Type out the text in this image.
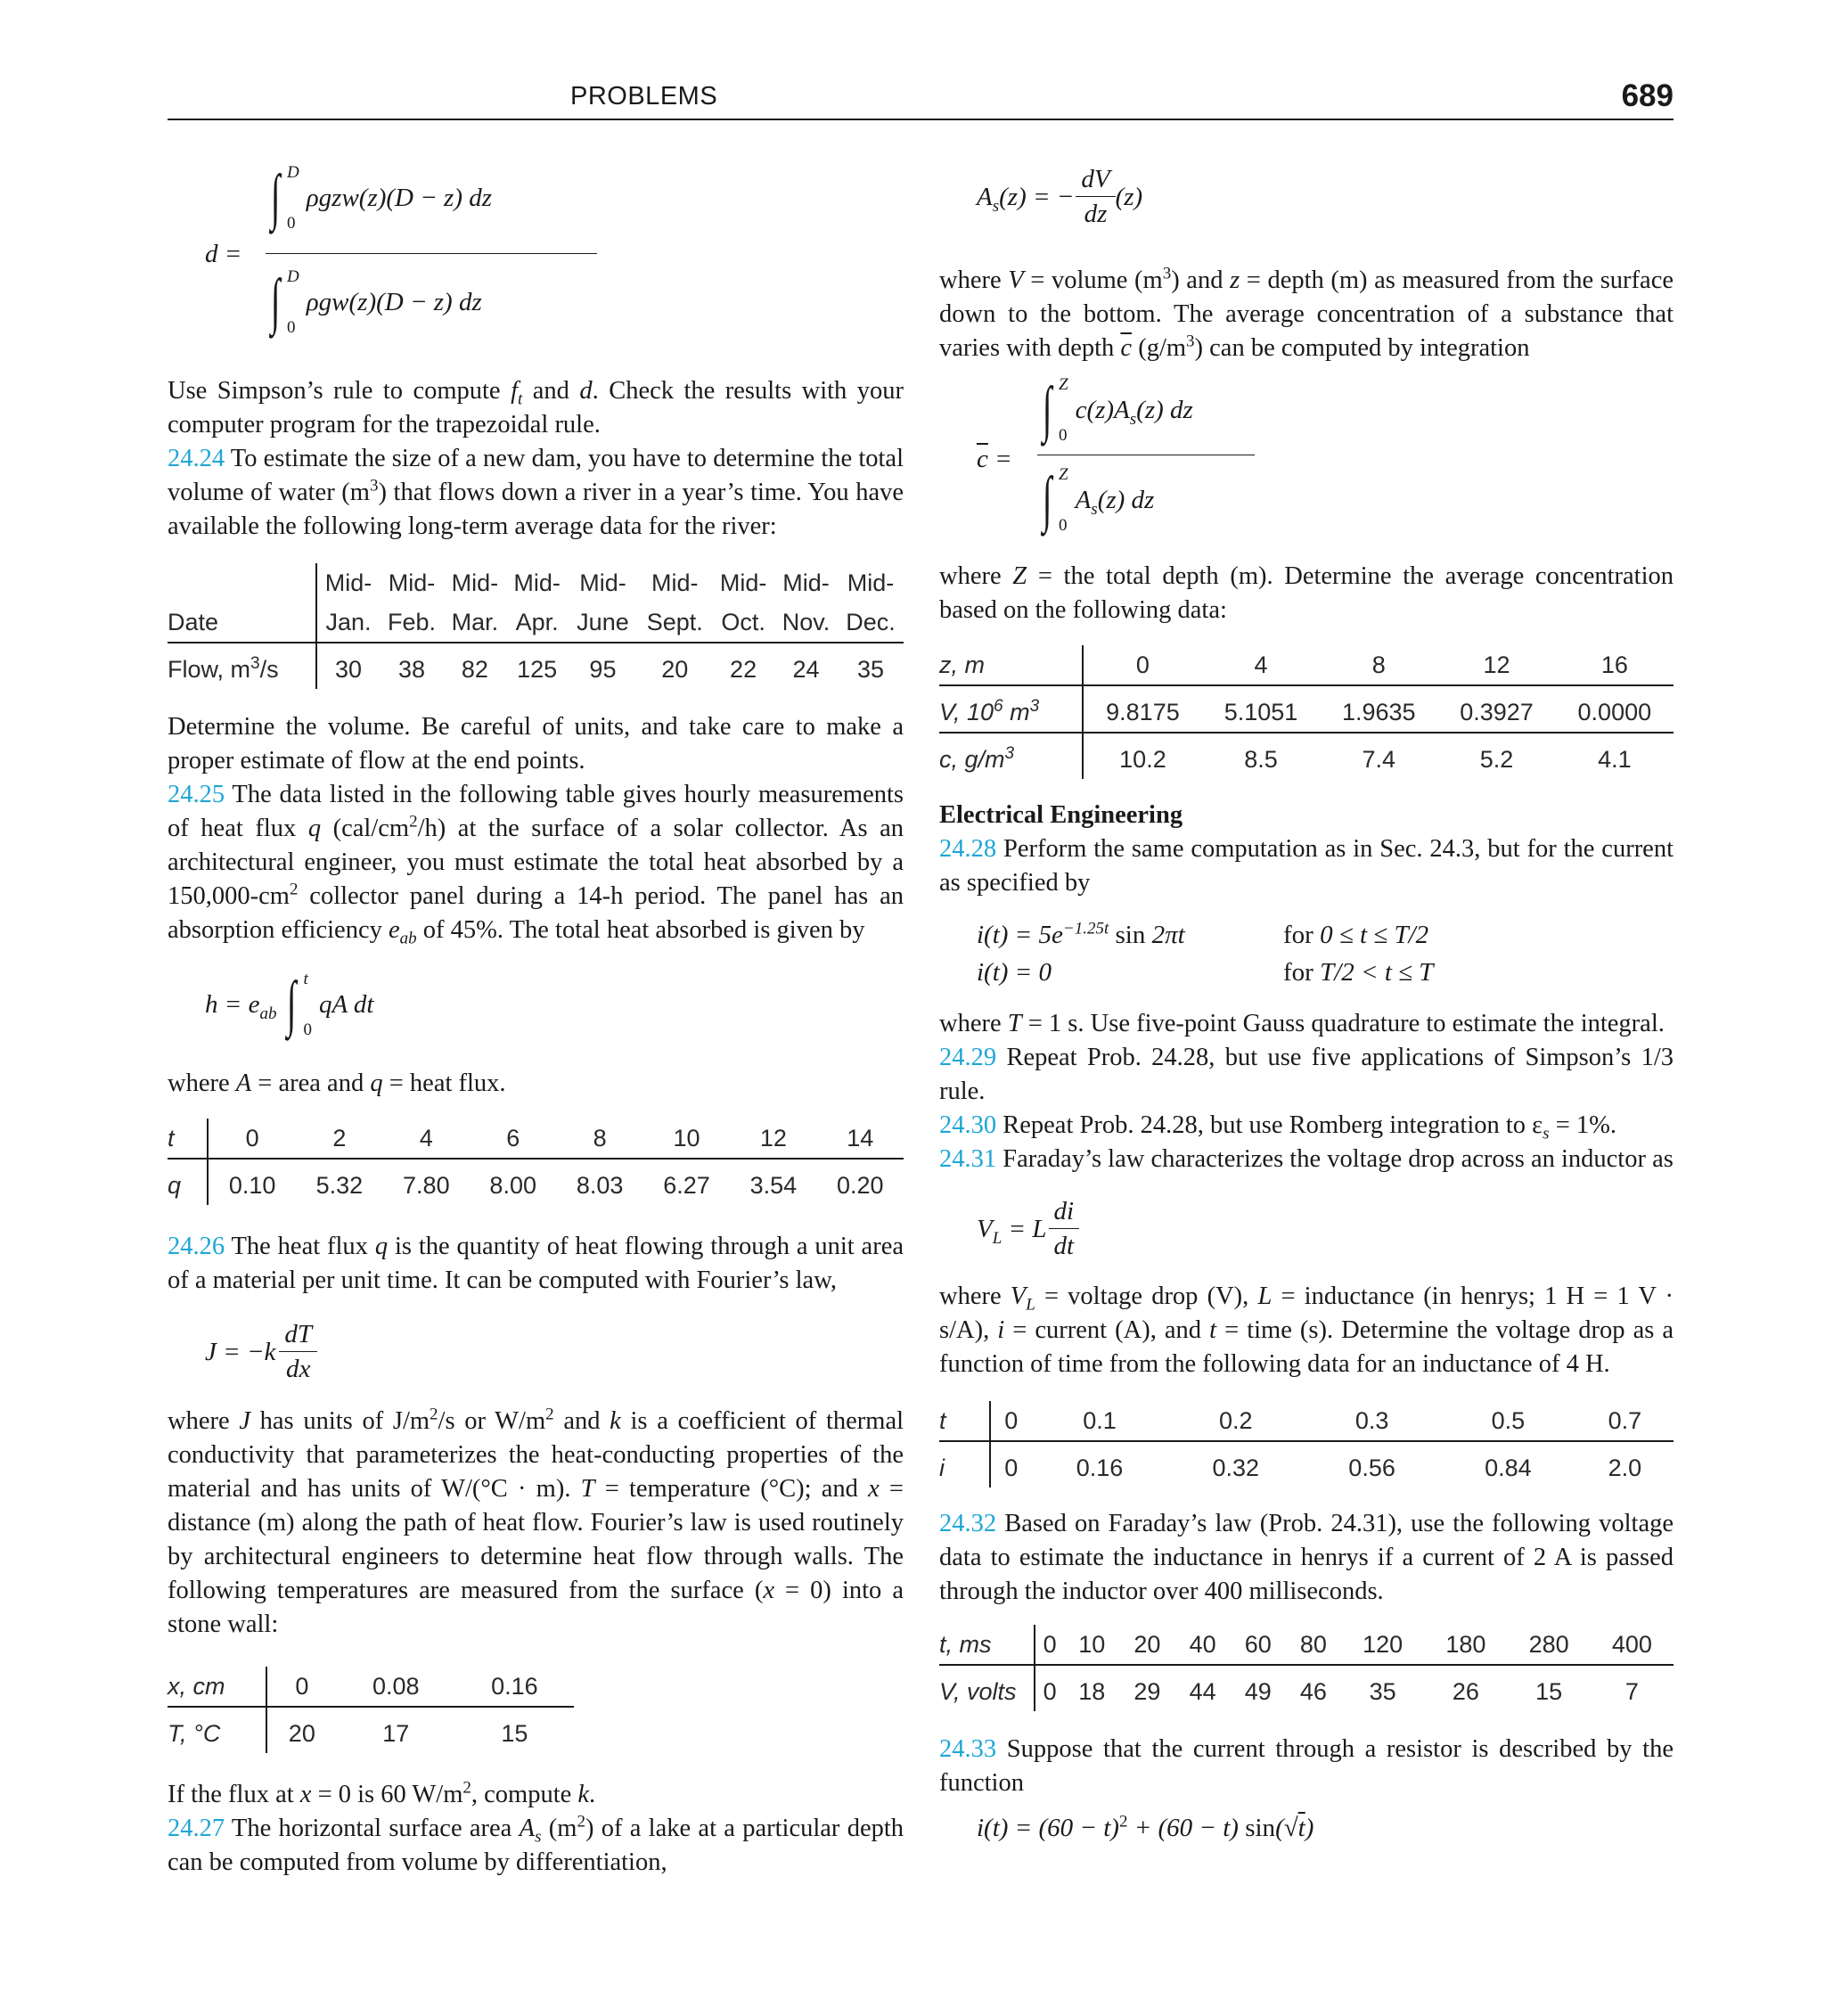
PROBLEMS	689
d =
∫ D
0
ρgzw(z)(D − z) dz
∫ D
0
ρgw(z)(D − z) dz

Use Simpson’s rule to compute $f_t$ and d. Check the results with your computer program for the trapezoidal rule.
24.24 To estimate the size of a new dam, you have to determine the total volume of water $(m^3)$ that flows down a river in a year’s time. You have available the following long-term average data for the river:

	Mid-	Mid-	Mid-	Mid-	Mid-	Mid-	Mid-	Mid-	Mid-
Date	Jan.	Feb.	Mar.	Apr.	June	Sept.	Oct.	Nov.	Dec.
Flow, $m^3/s$	30	38	82	125	95	20	22	24	35

Determine the volume. Be careful of units, and take care to make a proper estimate of flow at the end points.
24.25 The data listed in the following table gives hourly measurements of heat flux q $(cal/cm^2/h)$ at the surface of a solar collector. As an architectural engineer, you must estimate the total heat absorbed by a $150,000-cm^2$ collector panel during a 14-h period. The panel has an absorption efficiency $e_{ab}$ of 45%. The total heat absorbed is given by

$h = e_{ab}$ ∫ t
0
qA dt

where A = area and q = heat flux.

t	0	2	4	6	8	10	12	14
q	0.10	5.32	7.80	8.00	8.03	6.27	3.54	0.20

24.26 The heat flux q is the quantity of heat flowing through a unit area of a material per unit time. It can be computed with Fourier’s law,

$J = -k \frac{dT}{dx}$

where J has units of $J/m^2/s$ or $W/m^2$ and k is a coefficient of thermal conductivity that parameterizes the heat-conducting properties of the material and has units of W/(°C · m). T = temperature (°C); and x = distance (m) along the path of heat flow. Fourier’s law is used routinely by architectural engineers to determine heat flow through walls. The following temperatures are measured from the surface (x = 0) into a stone wall:

x, cm	0	0.08	0.16
T, °C	20	17	15

If the flux at x = 0 is 60 $W/m^2$, compute k.
24.27 The horizontal surface area $A_s$ $(m^2)$ of a lake at a particular depth can be computed from volume by differentiation,

$A_s(z)$ = − $\frac{dV}{dz} (z)$

where V = volume $(m^3)$ and z = depth (m) as measured from the surface down to the bottom. The average concentration of a substance that varies with depth $\overline{c}$ $(g/m^3)$ can be computed by integration

$\overline{c}$ =
∫ Z
0
$c(z)A_s(z)$ dz
∫ Z
0
$A_s(z)$ dz

where Z = the total depth (m). Determine the average concentration based on the following data:

z, m	0	4	8	12	16
V, $10^6$ $m^3$	9.8175	5.1051	1.9635	0.3927	0.0000
c, $g/m^3$	10.2	8.5	7.4	5.2	4.1

Electrical Engineering

24.28 Perform the same computation as in Sec. 24.3, but for the current as specified by

$i(t) = 5e^{-1.25t}$ sin 2πt	for 0 ≤ t ≤ T/2
i(t) = 0	for T/2 < t ≤ T

where T = 1 s. Use five-point Gauss quadrature to estimate the integral.
24.29 Repeat Prob. 24.28, but use five applications of Simpson’s 1/3 rule.
24.30 Repeat Prob. 24.28, but use Romberg integration to $\varepsilon_s = 1\%$.
24.31 Faraday’s law characterizes the voltage drop across an inductor as

$V_L = L \frac{di}{dt}$

where $V_L$ = voltage drop (V), L = inductance (in henrys; 1 H = 1 V · s/A), i = current (A), and t = time (s). Determine the voltage drop as a function of time from the following data for an inductance of 4 H.

t	0	0.1	0.2	0.3	0.5	0.7
i	0	0.16	0.32	0.56	0.84	2.0

24.32 Based on Faraday’s law (Prob. 24.31), use the following voltage data to estimate the inductance in henrys if a current of 2 A is passed through the inductor over 400 milliseconds.

t, ms	0	10	20	40	60	80	120	180	280	400
V, volts	0	18	29	44	49	46	35	26	15	7

24.33 Suppose that the current through a resistor is described by the function

$i(t) = (60 - t)^2 + (60 - t)$ sin(√t)
